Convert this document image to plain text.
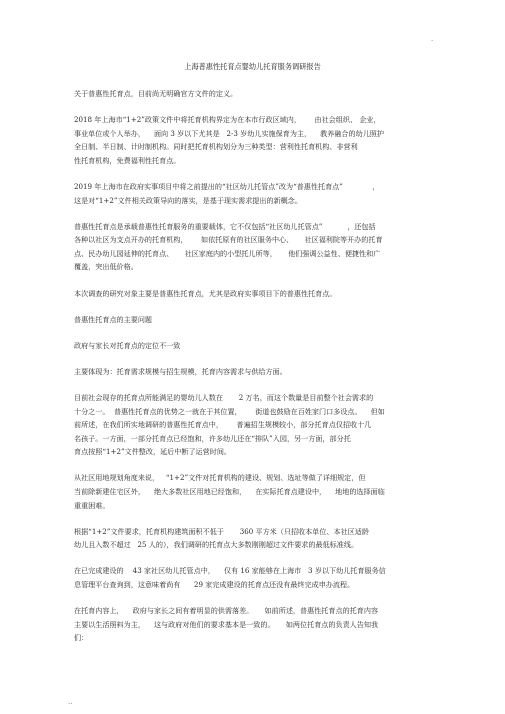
·
上海普惠性托育点婴幼儿托育服务调研报告
关于普惠性托育点，目前尚无明确官方文件的定义。
2018 年上海市“1+2”政策文件中将托育机构界定为在本市行政区域内，      由社会组织、 企业，
事业单位或个人举办，    面向 3 岁以下尤其是   2-3 岁幼儿实施保育为主，    教养融合的幼儿照护
全日制、半日制、计时制机构。同时把托育机构划分为三种类型：营利性托育机构、非营利
性托育机构，免费福利性托育点。
2019 年上海市在政府实事项目中将之前提出的“社区幼儿托管点”改为“普惠性托育点”             ，
这是对“1+2”文件相关政策导向的落实，是基于现实需求提出的新概念。
普惠性托育点是承载普惠性托育服务的重要载体，它不仅包括“社区幼儿托管点”           ，还包括
各种以社区为支点开办的托育机构，      如依托原有的社区服务中心、     社区福利院等开办的托育
点、民办幼儿园延伸的托育点、     社区家庭内的小型托儿所等，     他们强调公益性、便捷性和广
覆盖，突出低价格。
本次调查的研究对象主要是普惠性托育点，尤其是政府实事项目下的普惠性托育点。
普惠性托育点的主要问题
政府与家长对托育点的定位不一致
主要体现为：托育需求规模与招生规模，托育内容需求与供给方面。
目前社会现存的托育点所能满足的婴幼儿人数在       2 万名，而这个数量是目前整个社会需求的
十分之一。  普惠性托育点的优势之一就在于其位置，      街道也鼓励在百姓家门口多设点。    但如
前所述，在我们所实地调研的普惠性托育点中，      普遍招生规模较小，部分托育点仅招收十几
名孩子。一方面，一部分托育点已经饱和，许多幼儿还在“排队”入园，另一方面，部分托
育点按照“1+2”文件整改，延后中断了运营时间。
从社区用地规划角度来说，   “1+2”文件对托育机构的建设、规划、选址等做了详细规定，但
当前除新建住宅区外，    绝大多数社区用地已经饱和，    在实际托育点建设中，    地地的选择面临
重重困难。
根据“1+2”文件要求，托育机构建筑面积不低于       360 平方米（只招收本单位、本社区适龄
幼儿且入数不超过   25 人的），我们调研的托育点大多数刚刚超过文件要求的最低标准线。
在已完成建设的    43 家社区幼儿托管点中，    仅有 16 家能够在上海市   3 岁以下幼儿托育服务信
息管理平台查询到，这意味着尚有      29 家完成建设的托育点还没有最终完成申办流程。
在托育内容上，    政府与家长之间有着明显的供需落差。     如前所述，普惠性托育点的托育内容
主要以生活照料为主，    这与政府对他们的要求基本是一致的。     如两位托育点的负责人告知我
们：
..
